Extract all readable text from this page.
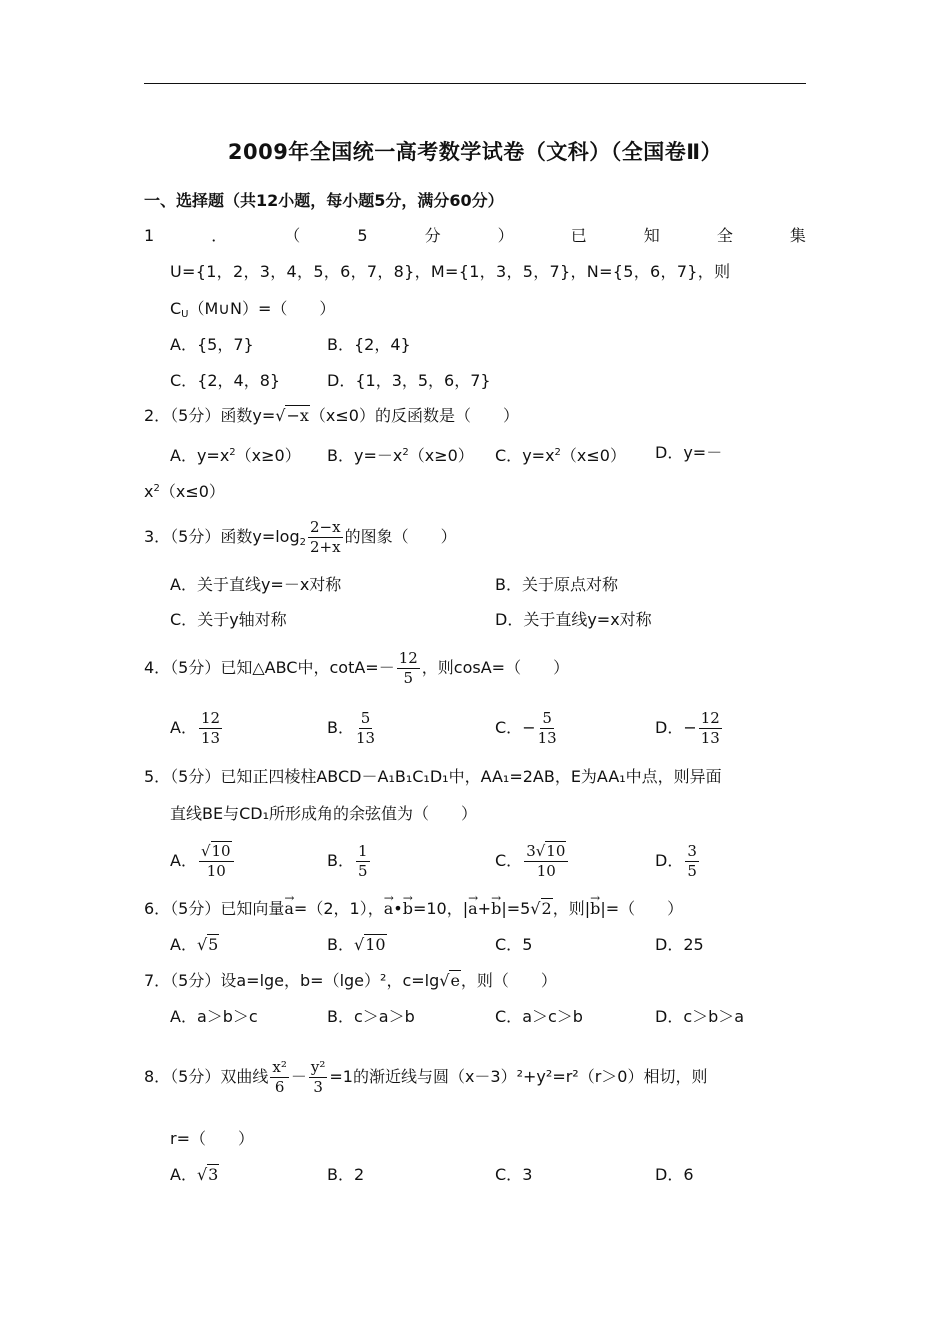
2009年全国统一高考数学试卷（文科）（全国卷Ⅱ）
一、选择题（共12小题，每小题5分，满分60分）
1	．	（	5	分	）	已	知	全	集
U={1，2，3，4，5，6，7，8}，M={1，3，5，7}，N={5，6，7}，则
$C_U(M\cup N)=$（　　）
A．{5，7}	B．{2，4}
C．{2，4，8}	D．{1，3，5，6，7}
2．（5分）函数y=√−x（x≤0）的反函数是（　　）
A．$y=x^2(x\ge 0)$ B．$y=-x^2(x\ge 0)$ C．$y=x^2(x\le 0)$ D．y=－
$x^2(x\le 0)$
3．（5分）函数$y=\log_2 \frac{2-x}{2+x}$ 的图象（　　）
A．关于直线y=－x对称	B．关于原点对称
C．关于y轴对称	D．关于直线y=x对称
4．（5分）已知△ABC中，$\cot A=- \frac{12}{5}$ ，则cosA=（　　）
A． $\frac{12}{13}$	B． $\frac{5}{13}$	C．− $\frac{5}{13}$	D．− $\frac{12}{13}$
5．（5分）已知正四棱柱ABCD－A₁B₁C₁D₁中，AA₁=2AB，E为AA₁中点，则异面
直线BE与CD₁所形成角的余弦值为（　　）
A． $\frac{√10}{10}$	B． $\frac{1}{5}$	C． $\frac{3√10}{10}$	D． $\frac{3}{5}$
6．（5分）已知向量→ a=（2，1），→ a•→ b=10，|→ a+→ b|=5√2，则|→ b|=（　　）
A．√5	B．√10	C．5	D．25
7．（5分）设a=lge，b=（lge）²，c=lg√e，则（　　）
A．a＞b＞c	B．c＞a＞b	C．a＞c＞b	D．c＞b＞a
8．（5分）双曲线 $\frac{\text{x²}}{6} - \frac{\text{y²}}{3} =1$的渐近线与圆（x－3）²+y²=r²（r＞0）相切，则
r=（　　）
A．√3	B．2	C．3	D．6
